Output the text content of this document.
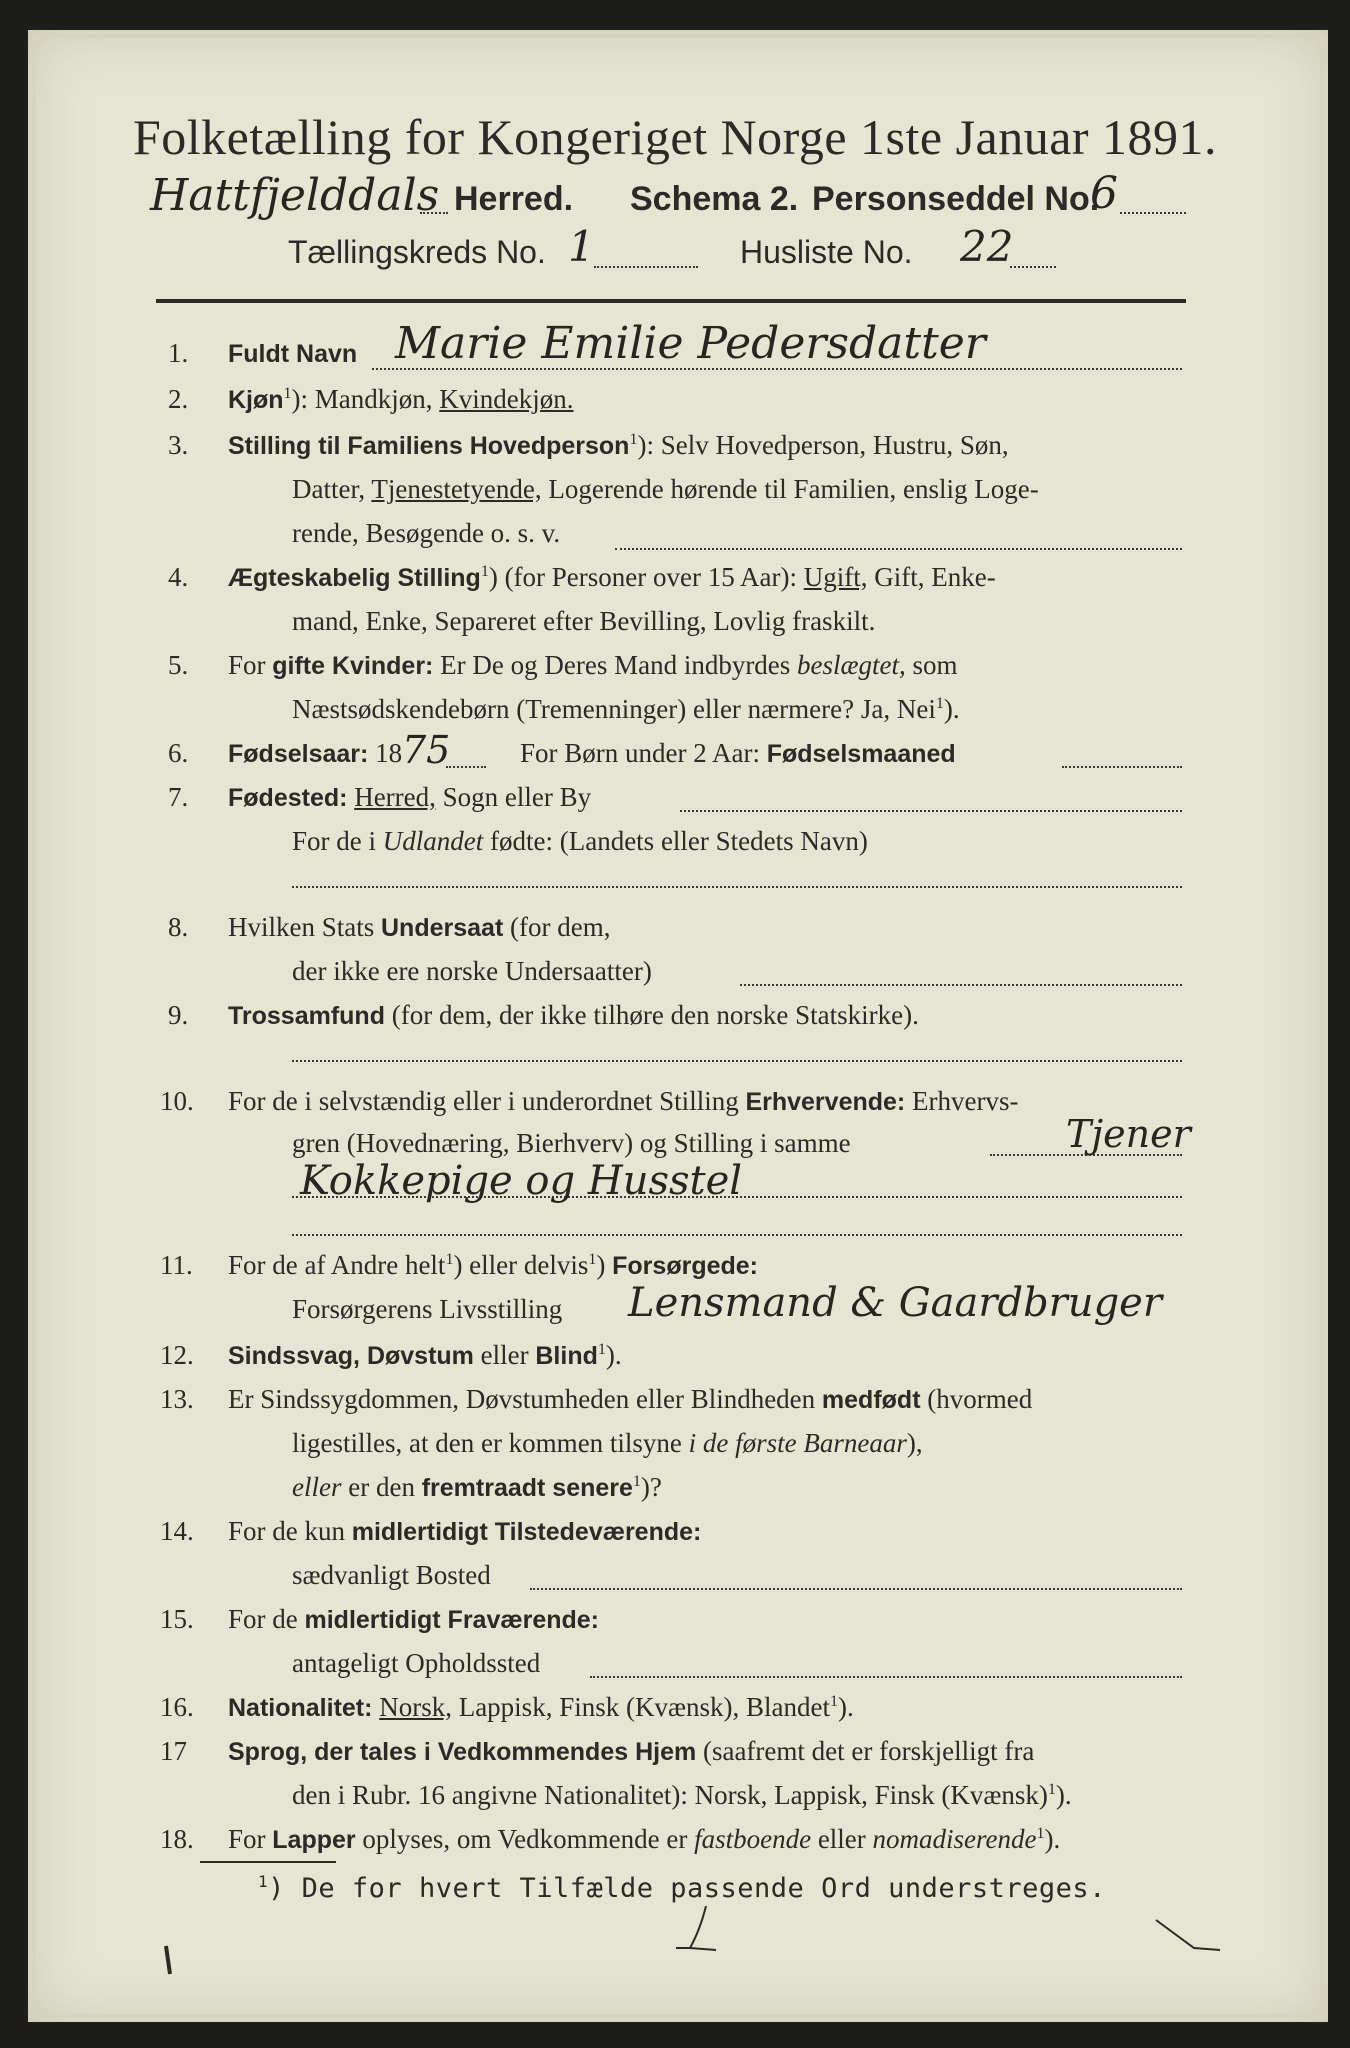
Folketælling for Kongeriget Norge 1ste Januar 1891.
Hattfjelddals Herred. Schema 2. Personseddel No.
6
Tællingskreds No. 1	Husliste No. 22
1.	Fuldt Navn Marie Emilie Pedersdatter
2.	Kjøn$^1$): Mandkjøn, Kvindekjøn.
3.	Stilling til Familiens Hovedperson$^1$): Selv Hovedperson, Hustru, Søn,
Datter, Tjenestetyende, Logerende hørende til Familien, enslig Loge-
rende, Besøgende o. s. v.
4.	Ægteskabelig Stilling$^1$) (for Personer over 15 Aar): Ugift, Gift, Enke-
mand, Enke, Separeret efter Bevilling, Lovlig fraskilt.
5.	For gifte Kvinder: Er De og Deres Mand indbyrdes beslægtet, som
Næstsødskendebørn (Tremenninger) eller nærmere? Ja, Nei$^1$).
6.	Fødselsaar: 18 75	For Børn under 2 Aar: Fødselsmaaned
7.	Fødested: Herred, Sogn eller By
For de i Udlandet fødte: (Landets eller Stedets Navn)
8.	Hvilken Stats Undersaat (for dem,
der ikke ere norske Undersaatter)
9.	Trossamfund (for dem, der ikke tilhøre den norske Statskirke).
10. For de i selvstændig eller i underordnet Stilling Erhvervende: Erhvervs-
gren (Hovednæring, Bierhverv) og Stilling i samme	Tjener
Kokkepige og Husstel
11. For de af Andre helt$^1$) eller delvis$^1$) Forsørgede:
Forsørgerens Livsstilling Lensmand & Gaardbruger
12. Sindssvag, Døvstum eller Blind$^1$).
13. Er Sindssygdommen, Døvstumheden eller Blindheden medfødt (hvormed
ligestilles, at den er kommen tilsyne i de første Barneaar),
eller er den fremtraadt senere$^1$)?
14. For de kun midlertidigt Tilstedeværende:
sædvanligt Bosted
15. For de midlertidigt Fraværende:
antageligt Opholdssted
16. Nationalitet: Norsk, Lappisk, Finsk (Kvænsk), Blandet$^1$).
17	Sprog, der tales i Vedkommendes Hjem (saafremt det er forskjelligt fra
den i Rubr. 16 angivne Nationalitet): Norsk, Lappisk, Finsk (Kvænsk)$^1$).
18. For Lapper oplyses, om Vedkommende er fastboende eller nomadiserende$^1$).
$^1$) De for hvert Tilfælde passende Ord understreges.
